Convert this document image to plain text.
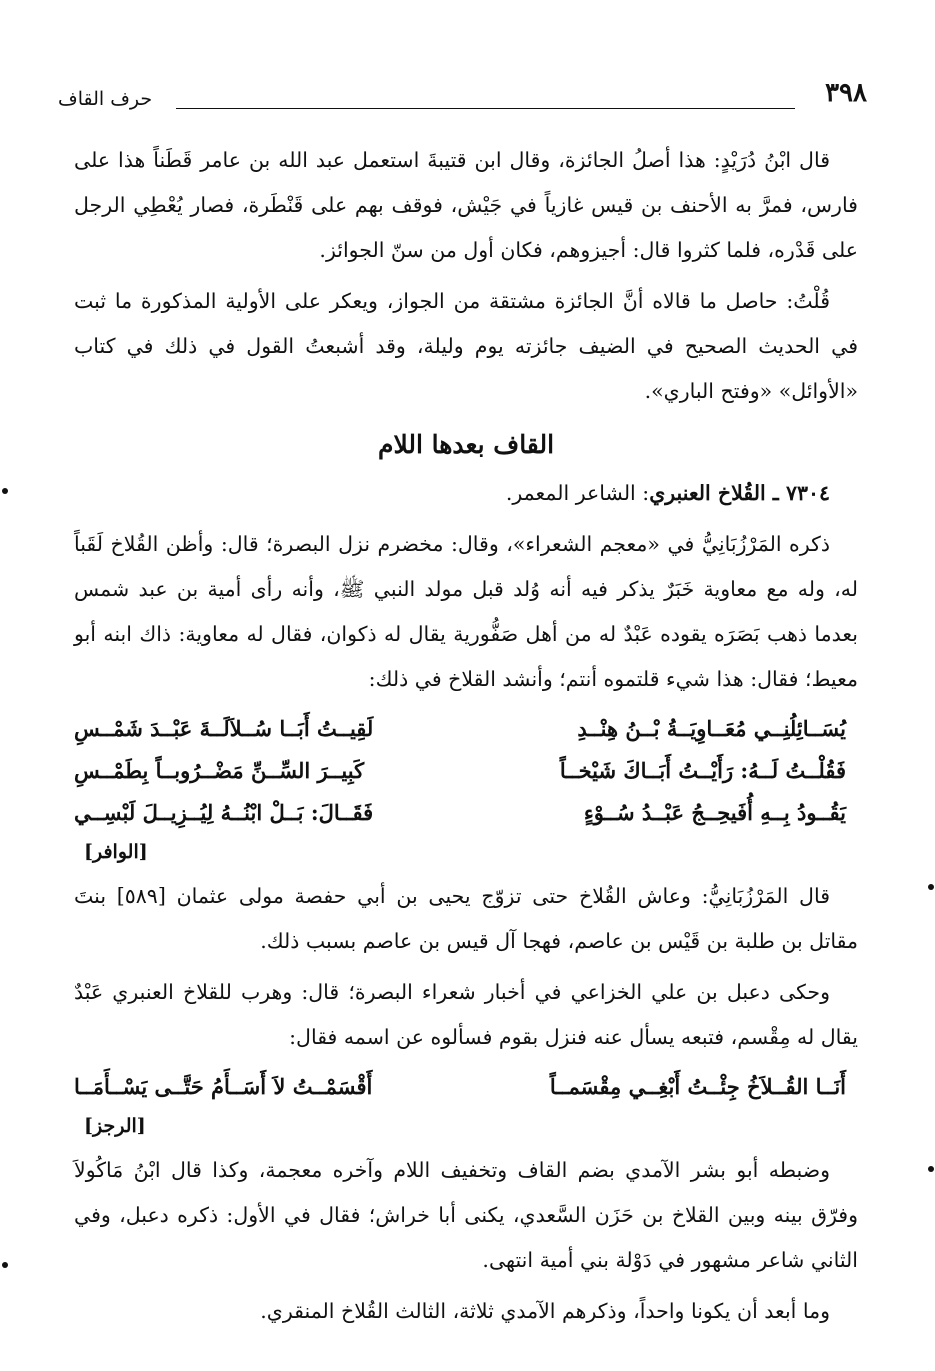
٣٩٨
حرف القاف

قال ابْنُ دُرَيْدٍ: هذا أصلُ الجائزة، وقال ابن قتيبةَ استعمل عبد الله بن عامر قَطَناً هذا على فارس، فمرَّ به الأحنف بن قيس غازياً في جَيْش، فوقف بهم على قَنْطَرة، فصار يُعْطِي الرجل على قَدْره، فلما كثروا قال: أجيزوهم، فكان أول من سنّ الجوائز.

قُلْتُ: حاصل ما قالاه أنَّ الجائزة مشتقة من الجواز، ويعكر على الأولية المذكورة ما ثبت في الحديث الصحيح في الضيف جائزته يوم وليلة، وقد أشبعتُ القول في ذلك في كتاب «الأوائل» «وفتح الباري».

القاف بعدها اللام

٧٣٠٤ ـ القُلاخ العنبري: الشاعر المعمر.

ذكره المَرْزُبَانِيُّ في «معجم الشعراء»، وقال: مخضرم نزل البصرة؛ قال: وأظن القُلاخ لَقَباً له، وله مع معاوية خَبَرٌ يذكر فيه أنه وُلد قبل مولد النبي ﷺ، وأنه رأى أمية بن عبد شمس بعدما ذهب بَصَرَه يقوده عَبْدٌ له من أهل صَفُّورية يقال له ذكوان، فقال له معاوية: ذاك ابنه أبو معيط؛ فقال: هذا شيء قلتموه أنتم؛ وأنشد القلاخ في ذلك:

يُسَــائِلُنِــي مُعَــاوِيَــةُ بْــنُ هِنْــدِ
لَقِيــتُ أَبَــا سُــلاَلَــةَ عَبْــدَ شَمْــسِ
فَقُلْــتُ لَــهُ: رَأَيْــتُ أَبَــاكَ شَيْخــاً
كَبِيــرَ السِّــنِّ مَضْــرُوبــاً بِطَمْــسِ
يَقُــودُ بِــهِ أُفَيحِــجُ عَبْــدُ سُــوْءٍ
فَقَــالَ: بَــلْ ابْنُــهُ لِيُــزِيــلَ لَبْسِــي
[الوافر]

قال المَرْزُبَانِيُّ: وعاش القُلاخ حتى تزوّج يحيى بن أبي حفصة مولى عثمان [٥٨٩] بنتَ مقاتل بن طلبة بن قَيْس بن عاصم، فهجا آل قيس بن عاصم بسبب ذلك.

وحكى دعبل بن علي الخزاعي في أخبار شعراء البصرة؛ قال: وهرب للقلاخ العنبري عَبْدٌ يقال له مِقْسم، فتبعه يسأل عنه فنزل بقوم فسألوه عن اسمه فقال:

أَنَــا القُــلاَخُ جِئْــتُ أَبْغِــي مِقْسَمــاً
أَقْسَمْــتُ لاَ أَسَــأَمُ حَتَّــى يَسْــأَمَــا
[الرجز]

وضبطه أبو بشر الآمدي بضم القاف وتخفيف اللام وآخره معجمة، وكذا قال ابْنُ مَاكُولاَ وفرّق بينه وبين القلاخ بن حَزَن السَّعدي، يكنى أبا خراش؛ فقال في الأول: ذكره دعبل، وفي الثاني شاعر مشهور في دَوْلة بني أمية انتهى.

وما أبعد أن يكونا واحداً، وذكرهم الآمدي ثلاثة، الثالث القُلاخ المنقري.
